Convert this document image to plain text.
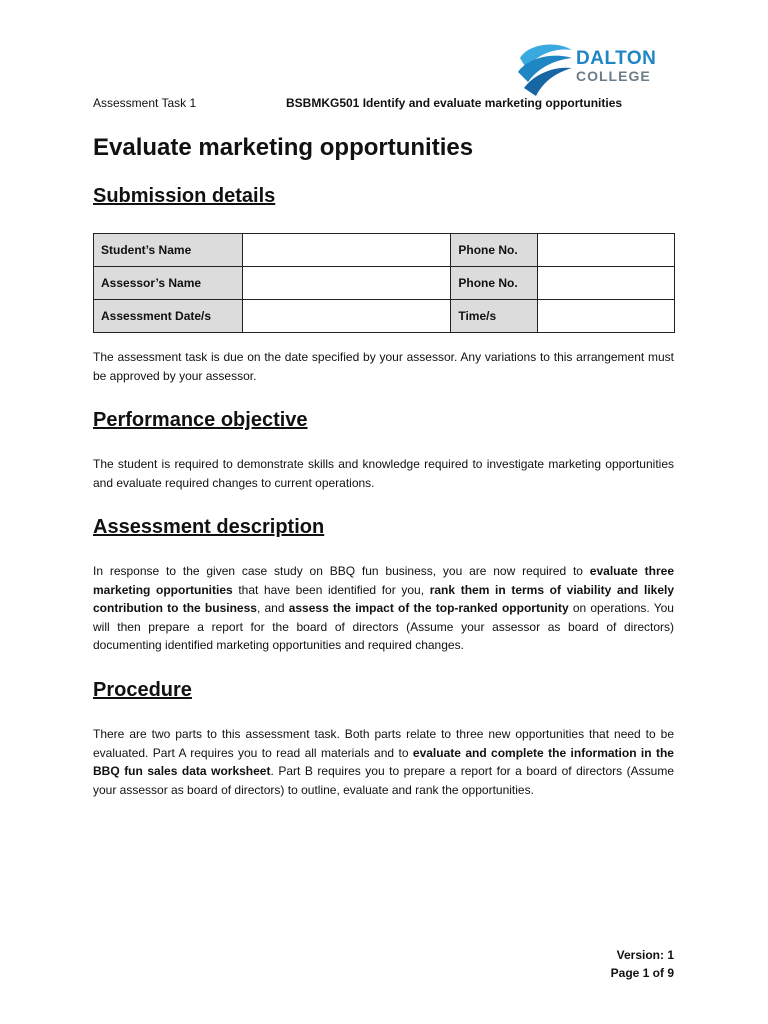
DALTON
COLLEGE
Assessment Task 1	BSBMKG501 Identify and evaluate marketing opportunities
Evaluate marketing opportunities
Submission details
Student’s Name		Phone No.	
Assessor’s Name		Phone No.	
Assessment Date/s		Time/s	

The assessment task is due on the date specified by your assessor. Any variations to this arrangement must be approved by your assessor.

Performance objective

The student is required to demonstrate skills and knowledge required to investigate marketing opportunities and evaluate required changes to current operations.

Assessment description

In response to the given case study on BBQ fun business, you are now required to evaluate three marketing opportunities that have been identified for you, rank them in terms of viability and likely contribution to the business, and assess the impact of the top-ranked opportunity on operations. You will then prepare a report for the board of directors (Assume your assessor as board of directors) documenting identified marketing opportunities and required changes.

Procedure

There are two parts to this assessment task. Both parts relate to three new opportunities that need to be evaluated. Part A requires you to read all materials and to evaluate and complete the information in the BBQ fun sales data worksheet. Part B requires you to prepare a report for a board of directors (Assume your assessor as board of directors) to outline, evaluate and rank the opportunities.

Version: 1
Page 1 of 9
